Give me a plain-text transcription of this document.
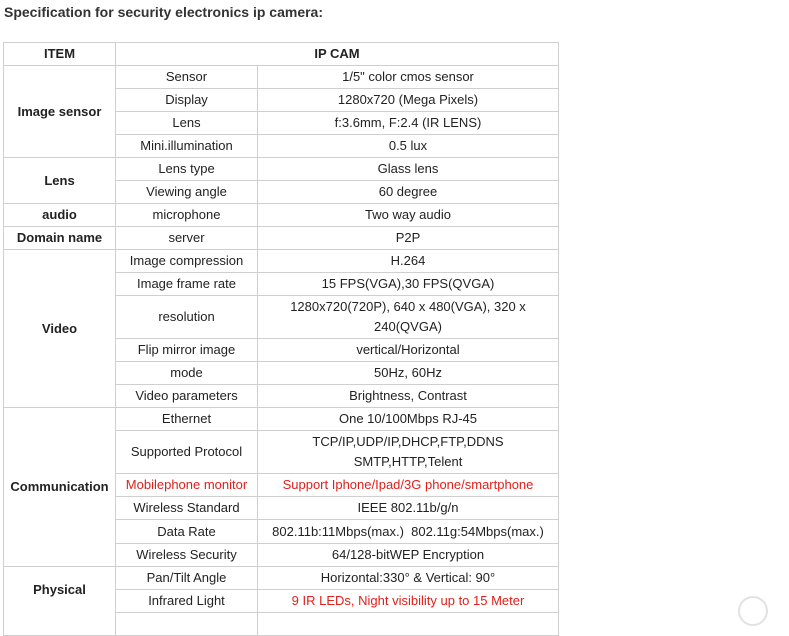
Specification for security electronics ip camera:
ITEM	IP CAM	
Image sensor	Sensor	1/5" color cmos sensor
	Display	1280x720 (Mega Pixels)
	Lens	f:3.6mm, F:2.4 (IR LENS)
	Mini.illumination	0.5 lux
Lens	Lens type	Glass lens
	Viewing angle	60 degree
audio	microphone	Two way audio
Domain name	server	P2P
Video	Image compression	H.264
	Image frame rate	15 FPS(VGA),30 FPS(QVGA)
	resolution	1280x720(720P), 640 x 480(VGA), 320 x
240(QVGA)
	Flip mirror image	vertical/Horizontal
	mode	50Hz, 60Hz
	Video parameters	Brightness, Contrast
Communication	Ethernet	One 10/100Mbps RJ-45
	Supported Protocol	TCP/IP,UDP/IP,DHCP,FTP,DDNS
SMTP,HTTP,Telent
	Mobilephone monitor	Support Iphone/Ipad/3G phone/smartphone
	Wireless Standard	IEEE 802.11b/g/n
	Data Rate	802.11b:11Mbps(max.)  802.11g:54Mbps(max.)
	Wireless Security	64/128-bitWEP Encryption
Physical	Pan/Tilt Angle	Horizontal:330° & Vertical: 90°
	Infrared Light	9 IR LEDs, Night visibility up to 15 Meter
